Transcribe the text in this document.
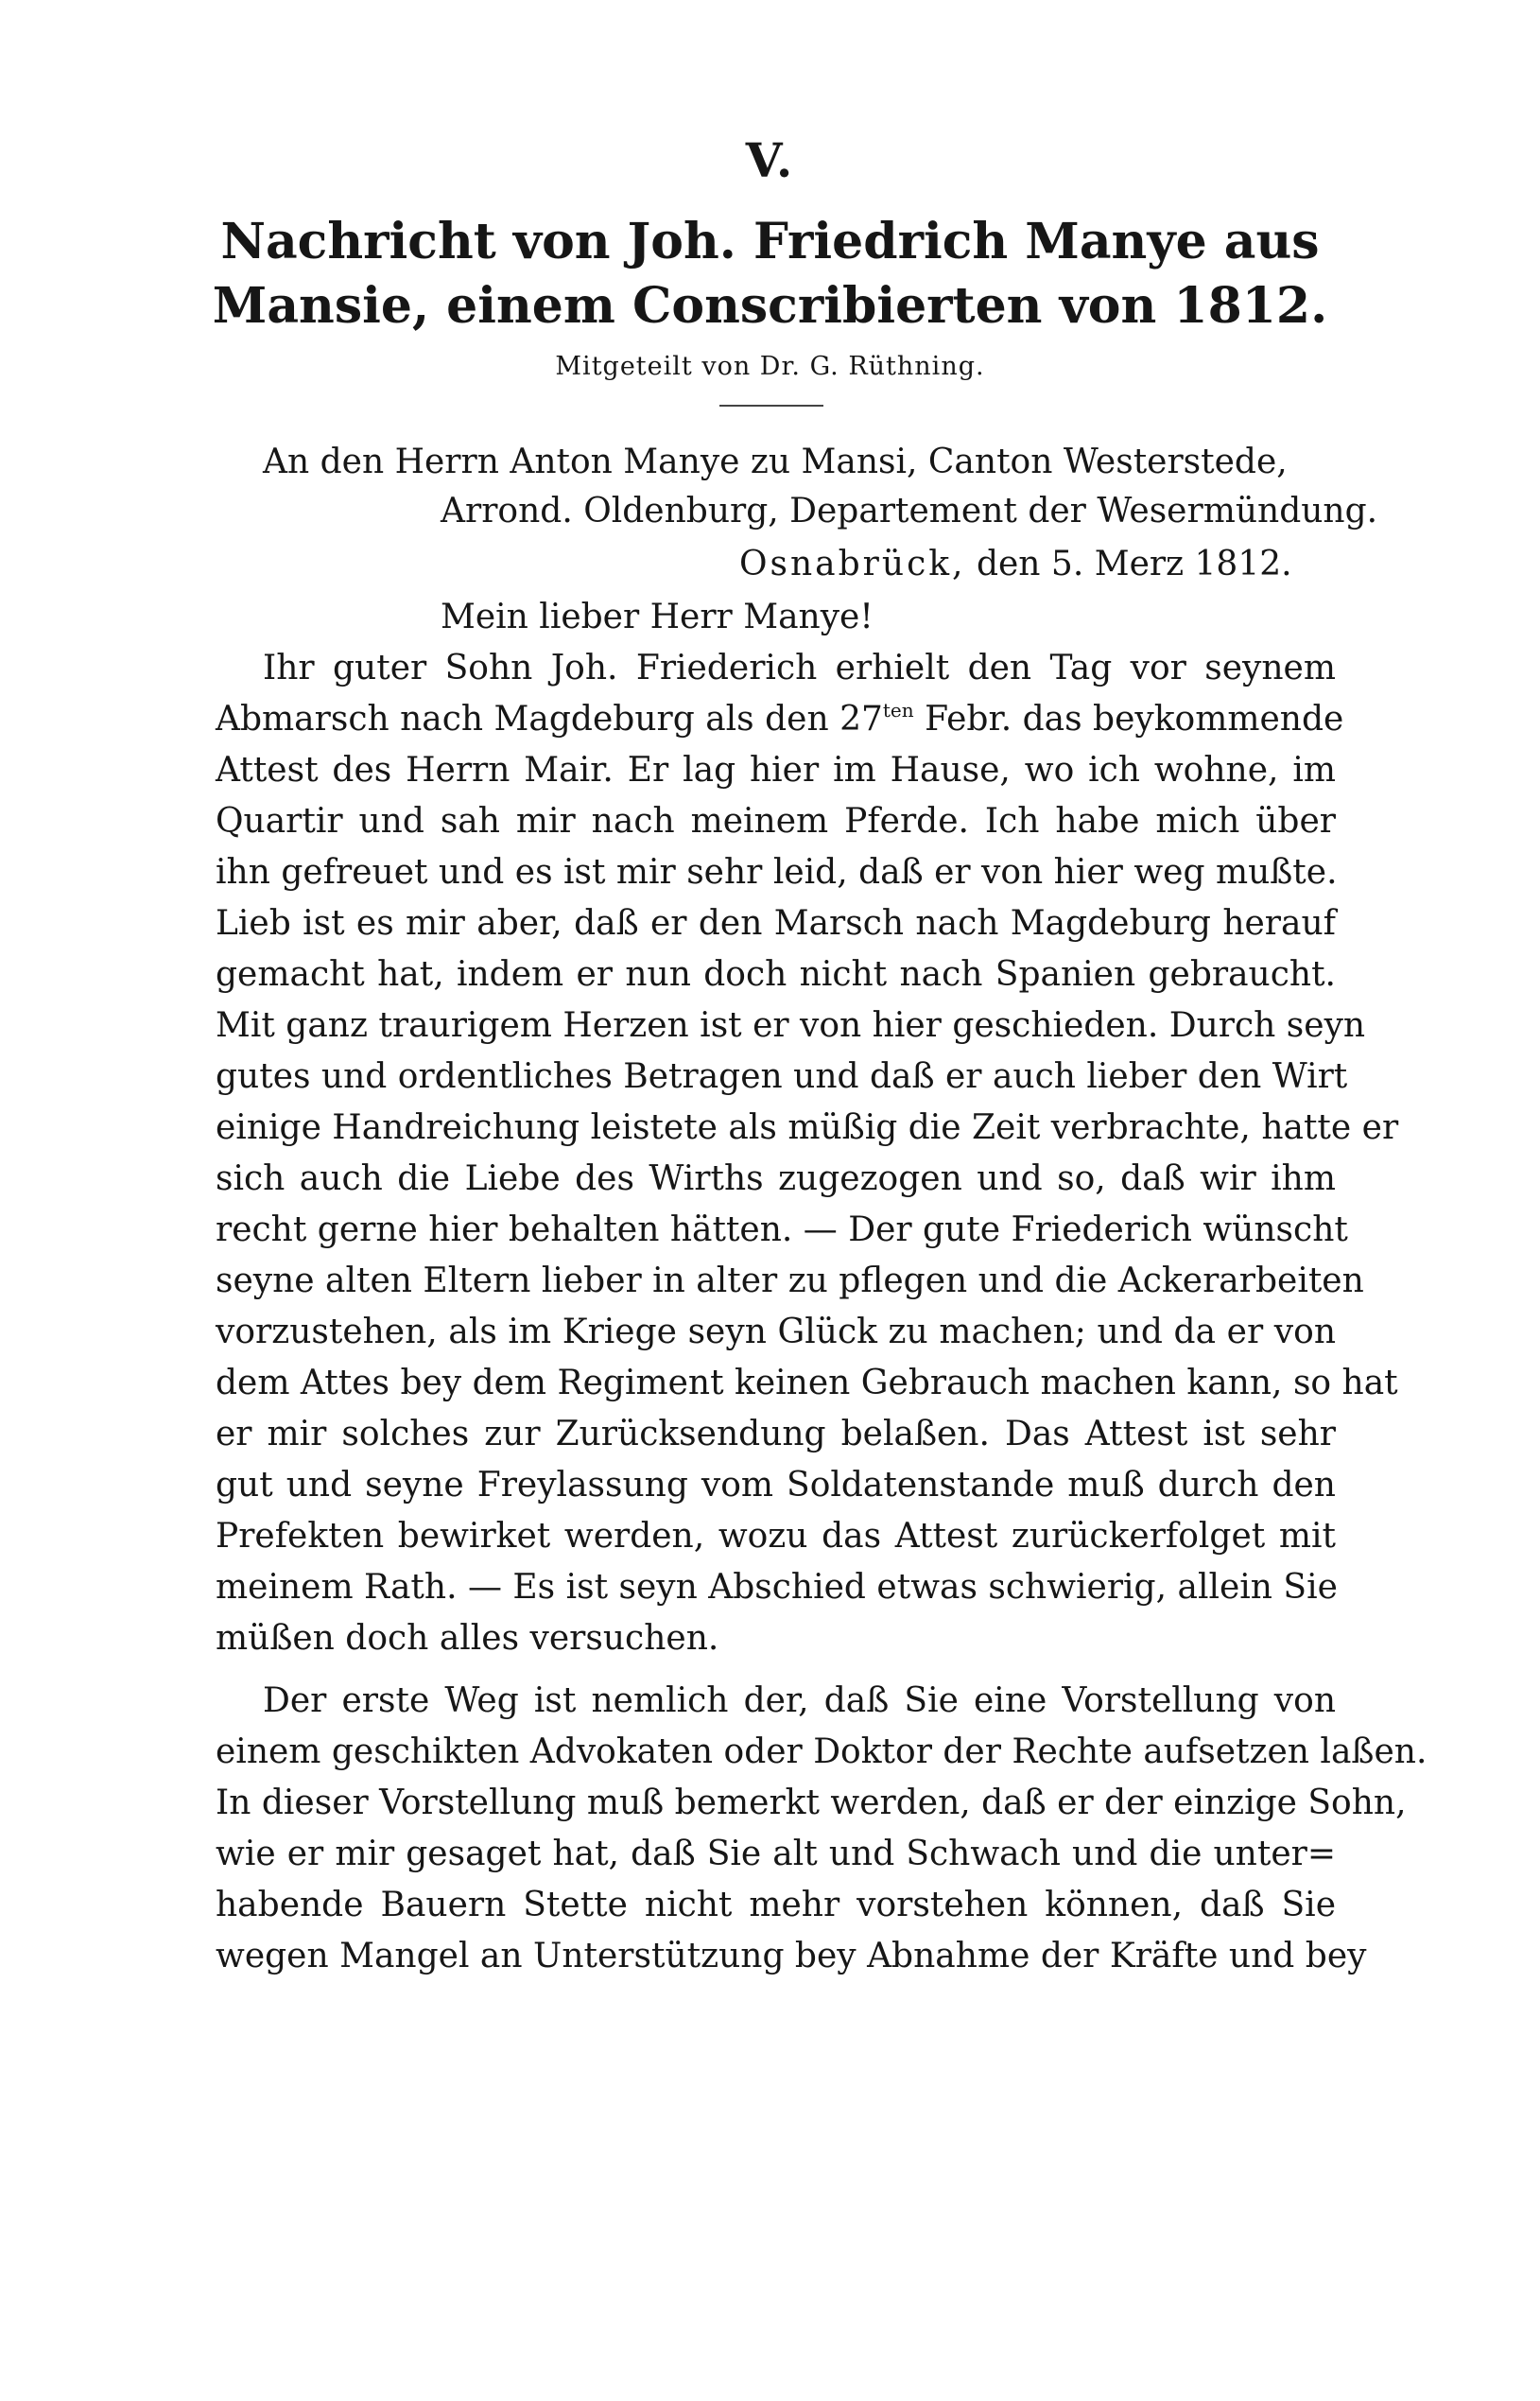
V.
Nachricht von Joh. Friedrich Manye aus
Mansie, einem Conscribierten von 1812.
Mitgeteilt von Dr. G. Rüthning.
An den Herrn Anton Manye zu Mansi, Canton Westerstede,
Arrond. Oldenburg, Departement der Wesermündung.
Osnabrück, den 5. Merz 1812.
Mein lieber Herr Manye!
Ihr guter Sohn Joh. Friederich erhielt den Tag vor seynem
Abmarsch nach Magdeburg als den $27^{ten}$ Febr. das beykommende
Attest des Herrn Mair. Er lag hier im Hause, wo ich wohne, im
Quartir und sah mir nach meinem Pferde. Ich habe mich über
ihn gefreuet und es ist mir sehr leid, daß er von hier weg mußte.
Lieb ist es mir aber, daß er den Marsch nach Magdeburg herauf
gemacht hat, indem er nun doch nicht nach Spanien gebraucht.
Mit ganz traurigem Herzen ist er von hier geschieden. Durch seyn
gutes und ordentliches Betragen und daß er auch lieber den Wirt
einige Handreichung leistete als müßig die Zeit verbrachte, hatte er
sich auch die Liebe des Wirths zugezogen und so, daß wir ihm
recht gerne hier behalten hätten. — Der gute Friederich wünscht
seyne alten Eltern lieber in alter zu pflegen und die Ackerarbeiten
vorzustehen, als im Kriege seyn Glück zu machen; und da er von
dem Attes bey dem Regiment keinen Gebrauch machen kann, so hat
er mir solches zur Zurücksendung belaßen. Das Attest ist sehr
gut und seyne Freylassung vom Soldatenstande muß durch den
Prefekten bewirket werden, wozu das Attest zurückerfolget mit
meinem Rath. — Es ist seyn Abschied etwas schwierig, allein Sie
müßen doch alles versuchen.
Der erste Weg ist nemlich der, daß Sie eine Vorstellung von
einem geschikten Advokaten oder Doktor der Rechte aufsetzen laßen.
In dieser Vorstellung muß bemerkt werden, daß er der einzige Sohn,
wie er mir gesaget hat, daß Sie alt und Schwach und die unter=
habende Bauern Stette nicht mehr vorstehen können, daß Sie
wegen Mangel an Unterstützung bey Abnahme der Kräfte und bey
